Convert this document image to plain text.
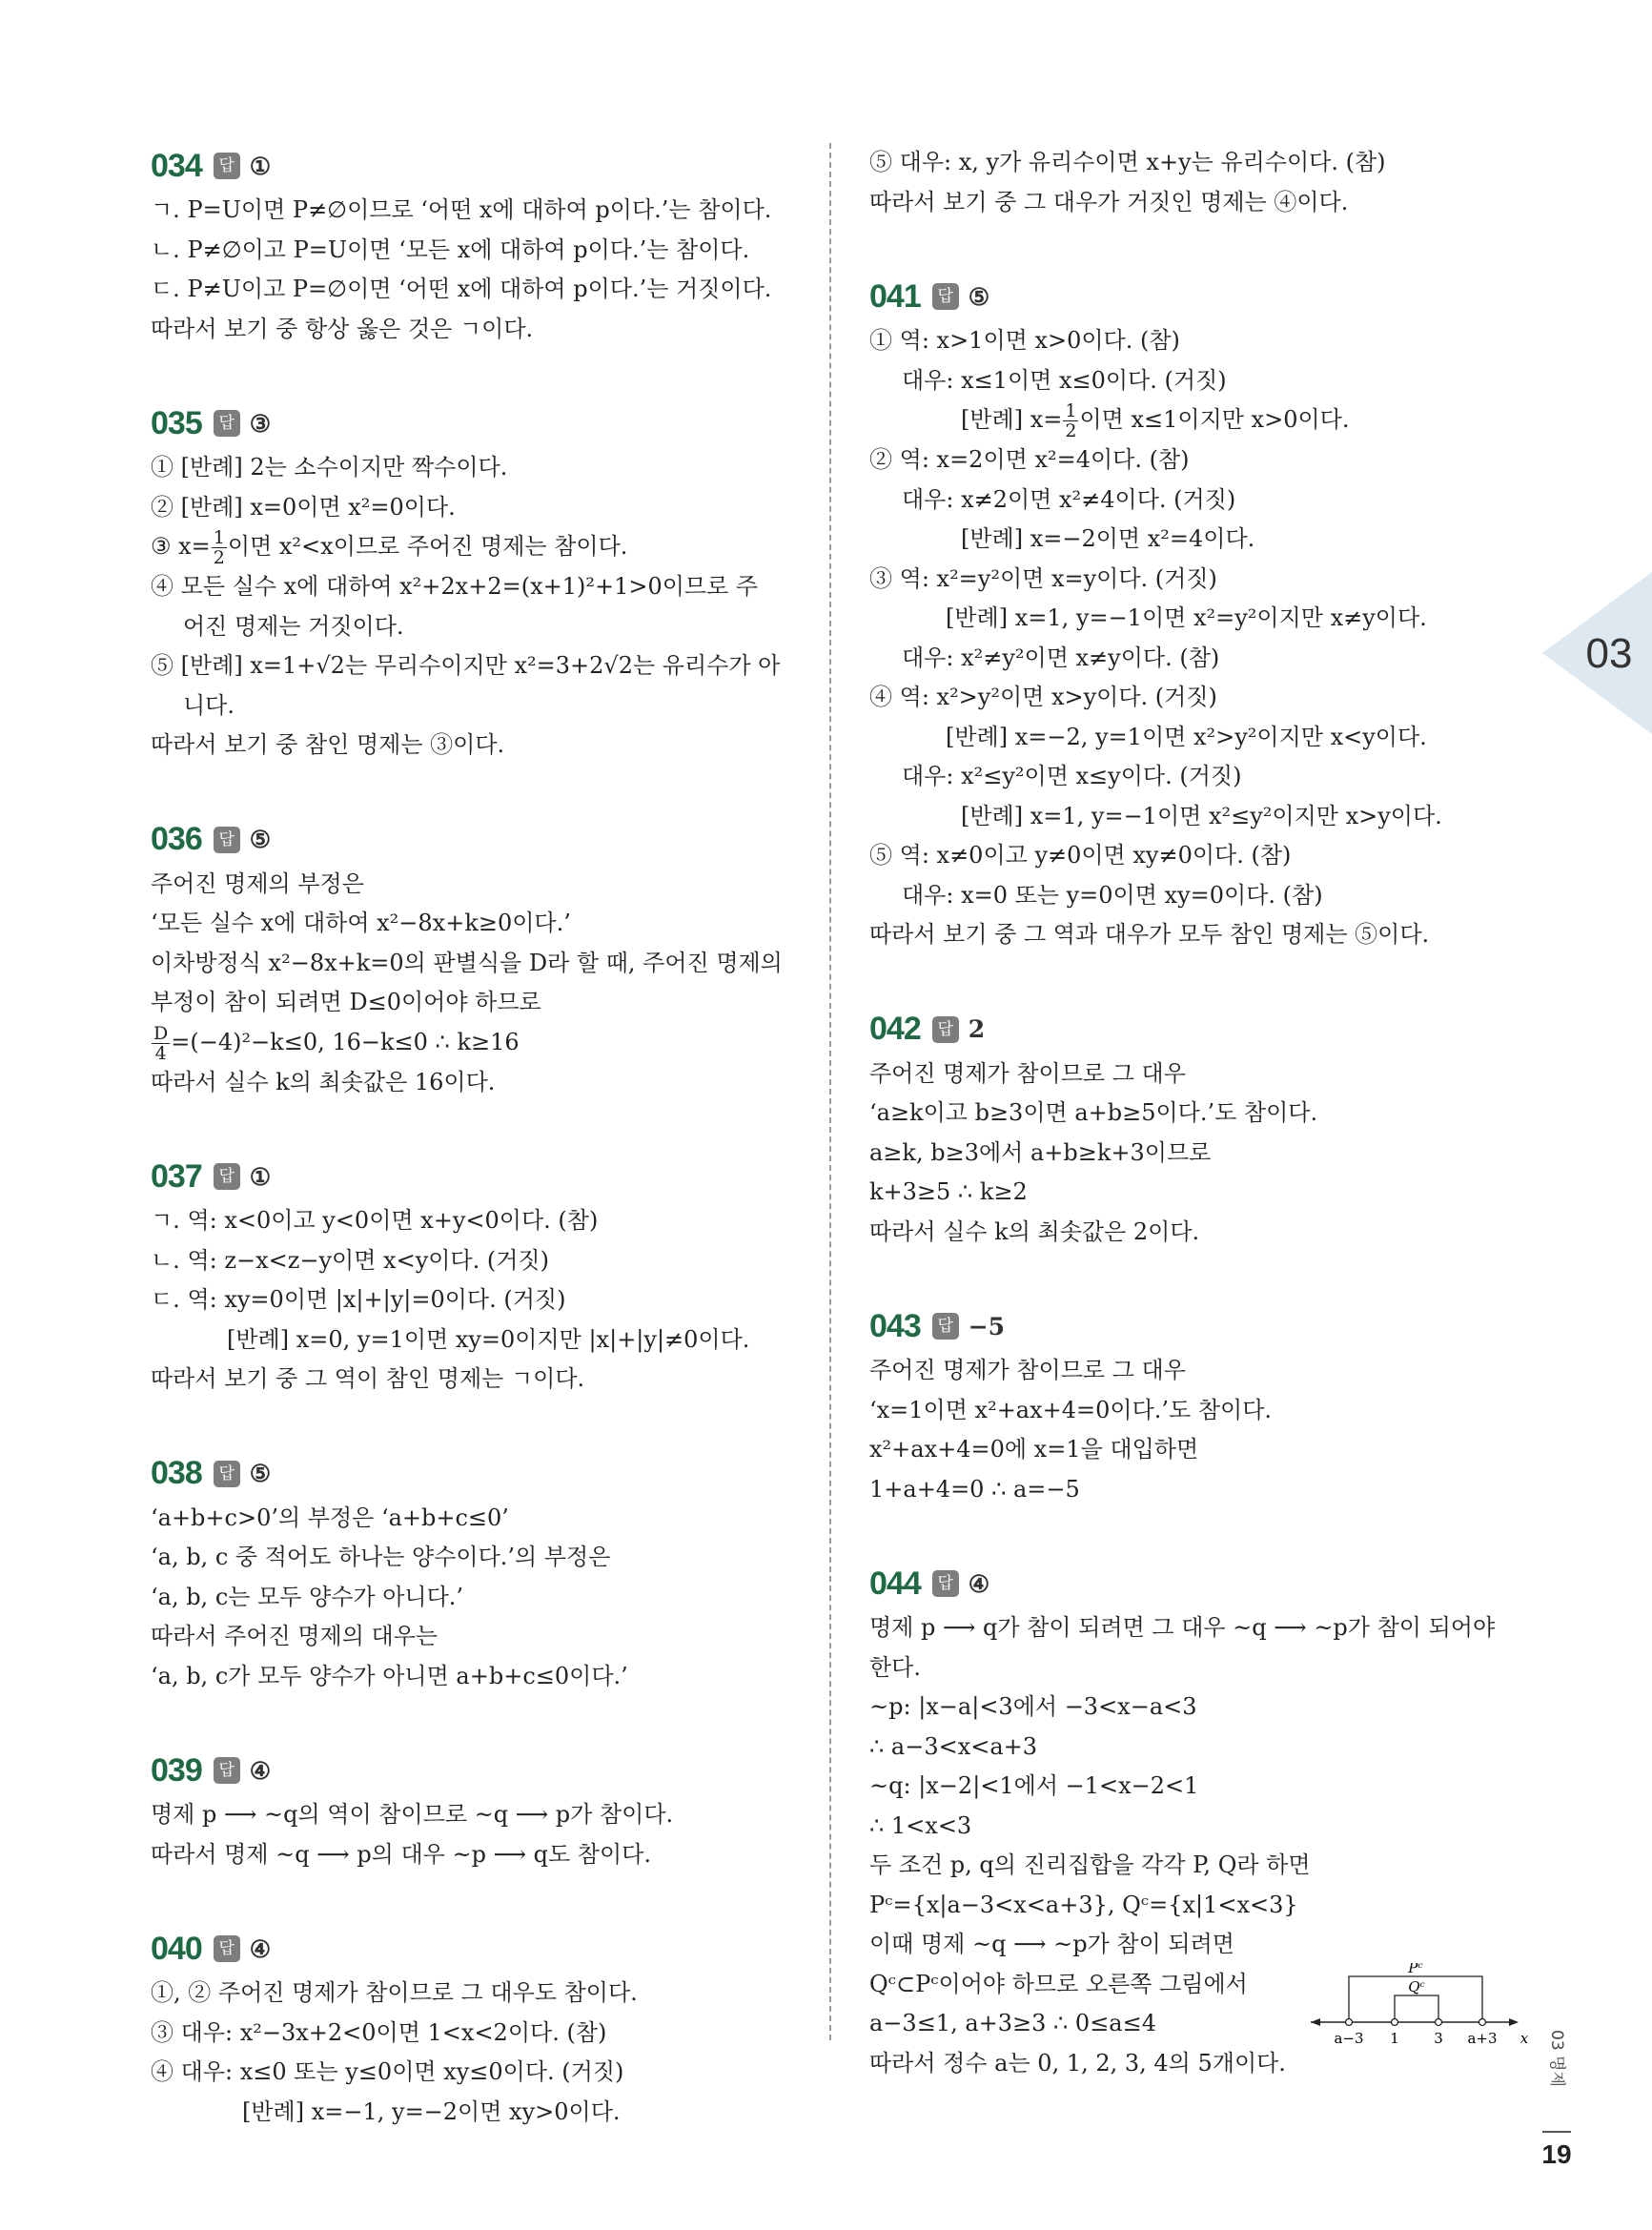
034	답 ①
ㄱ. P=U이면 P≠∅이므로 ‘어떤 x에 대하여 p이다.’는 참이다.
ㄴ. P≠∅이고 P=U이면 ‘모든 x에 대하여 p이다.’는 참이다.
ㄷ. P≠U이고 P=∅이면 ‘어떤 x에 대하여 p이다.’는 거짓이다.
따라서 보기 중 항상 옳은 것은 ㄱ이다.
035	답 ③
① [반례] 2는 소수이지만 짝수이다.
② [반례] x=0이면 x²=0이다.
③ $x= \frac{1}{2}$ 이면 x²<x이므로 주어진 명제는 참이다.
④ 모든 실수 x에 대하여 x²+2x+2=(x+1)²+1>0이므로 주
어진 명제는 거짓이다.
⑤ [반례] x=1+√2는 무리수이지만 x²=3+2√2는 유리수가 아
니다.
따라서 보기 중 참인 명제는 ③이다.
036	답 ⑤
주어진 명제의 부정은
‘모든 실수 x에 대하여 x²−8x+k≥0이다.’
이차방정식 x²−8x+k=0의 판별식을 D라 할 때, 주어진 명제의
부정이 참이 되려면 D≤0이어야 하므로
$\frac{D}{4} =(-4)^2-k\le 0$, 16−k≤0 ∴ k≥16
따라서 실수 k의 최솟값은 16이다.
037	답 ①
ㄱ. 역: x<0이고 y<0이면 x+y<0이다. (참)
ㄴ. 역: z−x<z−y이면 x<y이다. (거짓)
ㄷ. 역: xy=0이면 |x|+|y|=0이다. (거짓)
[반례] x=0, y=1이면 xy=0이지만 |x|+|y|≠0이다.
따라서 보기 중 그 역이 참인 명제는 ㄱ이다.
038	답 ⑤
‘a+b+c>0’의 부정은 ‘a+b+c≤0’
‘a, b, c 중 적어도 하나는 양수이다.’의 부정은
‘a, b, c는 모두 양수가 아니다.’
따라서 주어진 명제의 대우는
‘a, b, c가 모두 양수가 아니면 a+b+c≤0이다.’
039	답 ④
명제 p ⟶ ~q의 역이 참이므로 ~q ⟶ p가 참이다.
따라서 명제 ~q ⟶ p의 대우 ~p ⟶ q도 참이다.
040	답 ④
①, ② 주어진 명제가 참이므로 그 대우도 참이다.
③ 대우: x²−3x+2<0이면 1<x<2이다. (참)
④ 대우: x≤0 또는 y≤0이면 xy≤0이다. (거짓)
[반례] x=−1, y=−2이면 xy>0이다.
⑤ 대우: x, y가 유리수이면 x+y는 유리수이다. (참)
따라서 보기 중 그 대우가 거짓인 명제는 ④이다.
041	답 ⑤
① 역: x>1이면 x>0이다. (참)
대우: x≤1이면 x≤0이다. (거짓)
[반례] $x= \frac{1}{2}$ 이면 x≤1이지만 x>0이다.
② 역: x=2이면 x²=4이다. (참)
대우: x≠2이면 x²≠4이다. (거짓)
[반례] x=−2이면 x²=4이다.
③ 역: x²=y²이면 x=y이다. (거짓)
[반례] x=1, y=−1이면 x²=y²이지만 x≠y이다.
대우: x²≠y²이면 x≠y이다. (참)
④ 역: x²>y²이면 x>y이다. (거짓)
[반례] x=−2, y=1이면 x²>y²이지만 x<y이다.
대우: x²≤y²이면 x≤y이다. (거짓)
[반례] x=1, y=−1이면 x²≤y²이지만 x>y이다.
⑤ 역: x≠0이고 y≠0이면 xy≠0이다. (참)
대우: x=0 또는 y=0이면 xy=0이다. (참)
따라서 보기 중 그 역과 대우가 모두 참인 명제는 ⑤이다.
042	답 2
주어진 명제가 참이므로 그 대우
‘a≥k이고 b≥3이면 a+b≥5이다.’도 참이다.
a≥k, b≥3에서 a+b≥k+3이므로
k+3≥5 ∴ k≥2
따라서 실수 k의 최솟값은 2이다.
043	답 −5
주어진 명제가 참이므로 그 대우
‘x=1이면 x²+ax+4=0이다.’도 참이다.
x²+ax+4=0에 x=1을 대입하면
1+a+4=0 ∴ a=−5
044	답 ④
명제 p ⟶ q가 참이 되려면 그 대우 ~q ⟶ ~p가 참이 되어야
한다.
~p: |x−a|<3에서 −3<x−a<3
∴ a−3<x<a+3
~q: |x−2|<1에서 −1<x−2<1
∴ 1<x<3
두 조건 p, q의 진리집합을 각각 P, Q라 하면
Pᶜ={x|a−3<x<a+3}, Qᶜ={x|1<x<3}
이때 명제 ~q ⟶ ~p가 참이 되려면
Qᶜ⊂Pᶜ이어야 하므로 오른쪽 그림에서
a−3≤1, a+3≥3 ∴ 0≤a≤4
따라서 정수 a는 0, 1, 2, 3, 4의 5개이다.
Pᶜ
Qᶜ
a−3 1 3 a+3 x
03
03 명제
19
